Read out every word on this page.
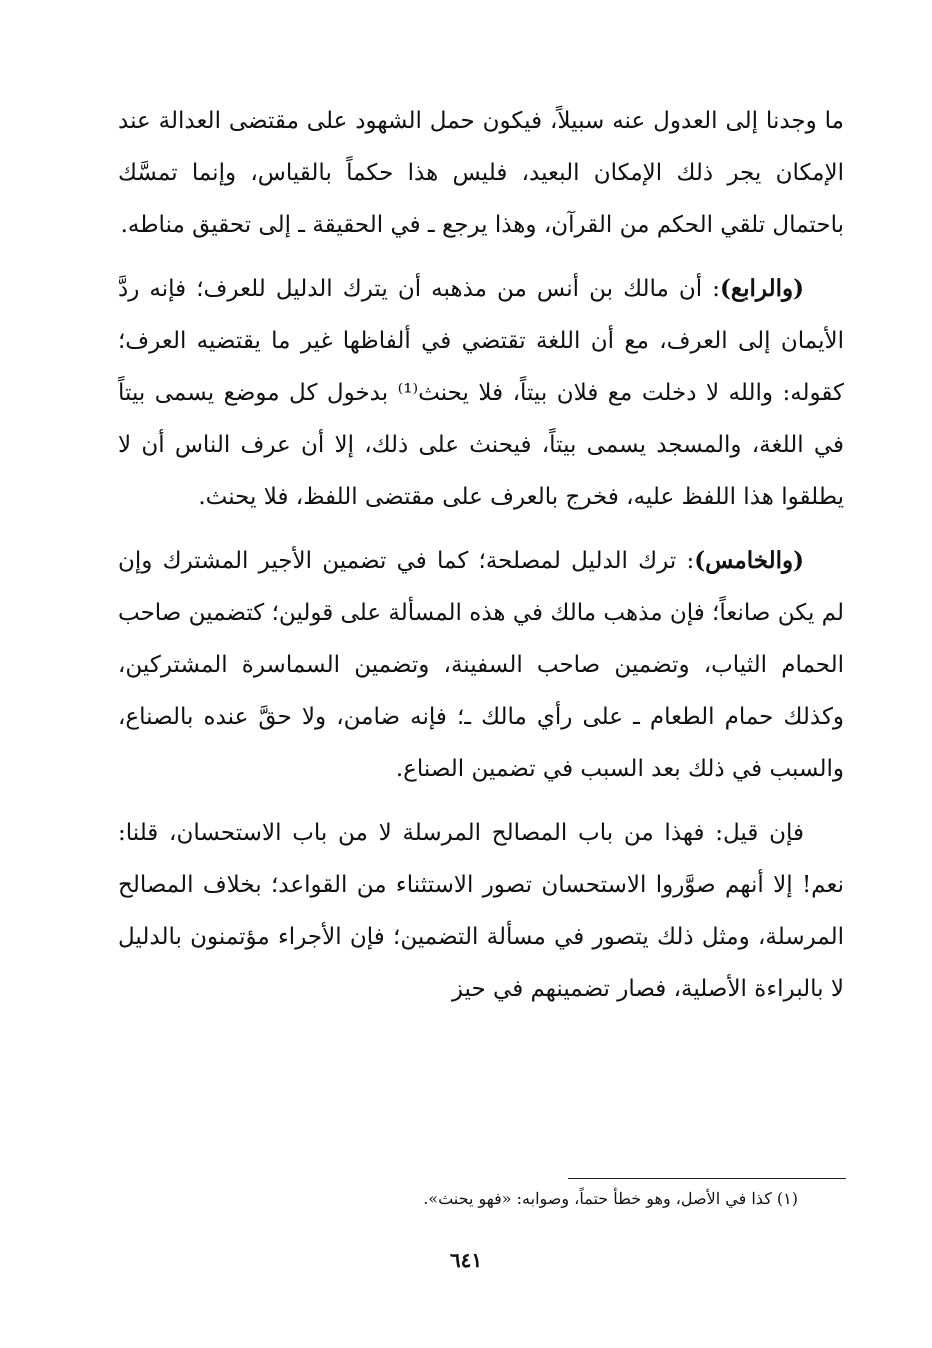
ما وجدنا إلى العدول عنه سبيلاً، فيكون حمل الشهود على مقتضى العدالة عند الإمكان يجر ذلك الإمكان البعيد، فليس هذا حكماً بالقياس، وإنما تمسَّك باحتمال تلقي الحكم من القرآن، وهذا يرجع ـ في الحقيقة ـ إلى تحقيق مناطه.

(والرابع): أن مالك بن أنس من مذهبه أن يترك الدليل للعرف؛ فإنه ردَّ الأيمان إلى العرف، مع أن اللغة تقتضي في ألفاظها غير ما يقتضيه العرف؛ كقوله: والله لا دخلت مع فلان بيتاً، فلا يحنث⁽¹⁾ بدخول كل موضع يسمى بيتاً في اللغة، والمسجد يسمى بيتاً، فيحنث على ذلك، إلا أن عرف الناس أن لا يطلقوا هذا اللفظ عليه، فخرج بالعرف على مقتضى اللفظ، فلا يحنث.

(والخامس): ترك الدليل لمصلحة؛ كما في تضمين الأجير المشترك وإن لم يكن صانعاً؛ فإن مذهب مالك في هذه المسألة على قولين؛ كتضمين صاحب الحمام الثياب، وتضمين صاحب السفينة، وتضمين السماسرة المشتركين، وكذلك حمام الطعام ـ على رأي مالك ـ؛ فإنه ضامن، ولا حقَّ عنده بالصناع، والسبب في ذلك بعد السبب في تضمين الصناع.

فإن قيل: فهذا من باب المصالح المرسلة لا من باب الاستحسان، قلنا: نعم! إلا أنهم صوَّروا الاستحسان تصور الاستثناء من القواعد؛ بخلاف المصالح المرسلة، ومثل ذلك يتصور في مسألة التضمين؛ فإن الأجراء مؤتمنون بالدليل لا بالبراءة الأصلية، فصار تضمينهم في حيز

(١) كذا في الأصل، وهو خطأ حتماً، وصوابه: «فهو يحنث».
٦٤١
